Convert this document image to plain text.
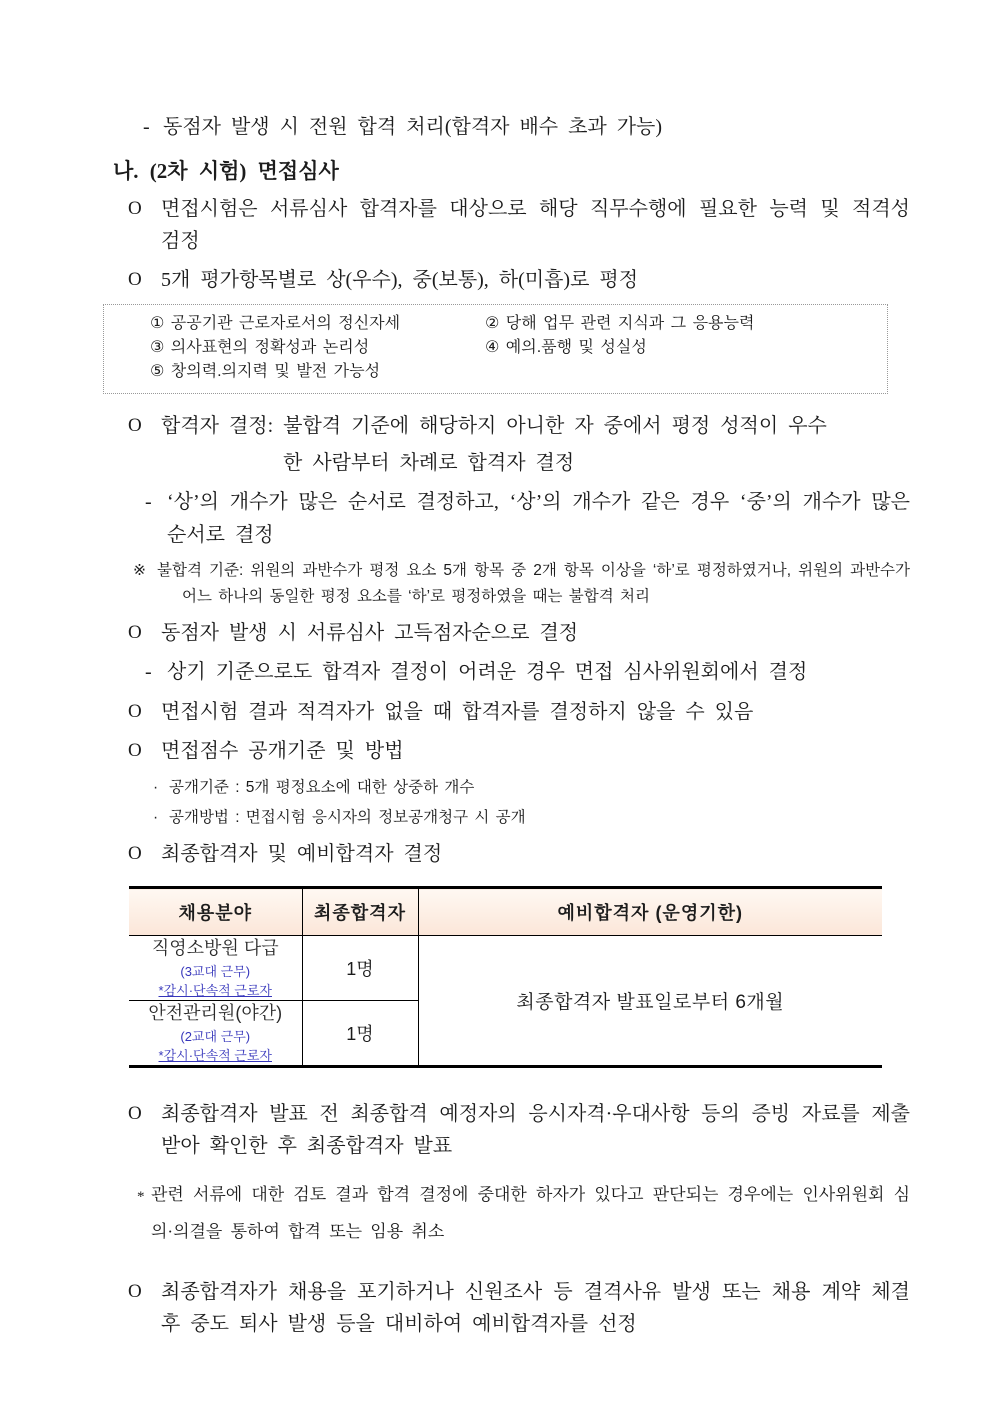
- 동점자 발생 시 전원 합격 처리(합격자 배수 초과 가능)
나. (2차 시험) 면접심사
O 면접시험은 서류심사 합격자를 대상으로 해당 직무수행에 필요한 능력 및 적격성 검정
O 5개 평가항목별로 상(우수), 중(보통), 하(미흡)로 평정
① 공공기관 근로자로서의 정신자세
③ 의사표현의 정확성과 논리성
⑤ 창의력.의지력 및 발전 가능성
② 당해 업무 관련 지식과 그 응용능력
④ 예의.품행 및 성실성
O 합격자 결정: 불합격 기준에 해당하지 아니한 자 중에서 평정 성적이 우수
한 사람부터 차례로 합격자 결정
- ‘상’의 개수가 많은 순서로 결정하고, ‘상’의 개수가 같은 경우 ‘중’의 개수가 많은 순서로 결정
※ 불합격 기준: 위원의 과반수가 평정 요소 5개 항목 중 2개 항목 이상을 ‘하’로 평정하였거나, 위원의 과반수가 어느 하나의 동일한 평정 요소를 ‘하’로 평정하였을 때는 불합격 처리
O 동점자 발생 시 서류심사 고득점자순으로 결정
- 상기 기준으로도 합격자 결정이 어려운 경우 면접 심사위원회에서 결정
O 면접시험 결과 적격자가 없을 때 합격자를 결정하지 않을 수 있음
O 면접점수 공개기준 및 방법
· 공개기준 : 5개 평정요소에 대한 상중하 개수
· 공개방법 : 면접시험 응시자의 정보공개청구 시 공개
O 최종합격자 및 예비합격자 결정
채용분야	최종합격자	예비합격자 (운영기한)

직영소방원 다급
(3교대 근무)
*감시·단속적 근로자	1명	최종합격자 발표일로부터 6개월

안전관리원(야간)
(2교대 근무)
*감시·단속적 근로자	1명	
O 최종합격자 발표 전 최종합격 예정자의 응시자격·우대사항 등의 증빙 자료를 제출받아 확인한 후 최종합격자 발표
* 관련 서류에 대한 검토 결과 합격 결정에 중대한 하자가 있다고 판단되는 경우에는 인사위원회 심의·의결을 통하여 합격 또는 임용 취소
O 최종합격자가 채용을 포기하거나 신원조사 등 결격사유 발생 또는 채용 계약 체결 후 중도 퇴사 발생 등을 대비하여 예비합격자를 선정
